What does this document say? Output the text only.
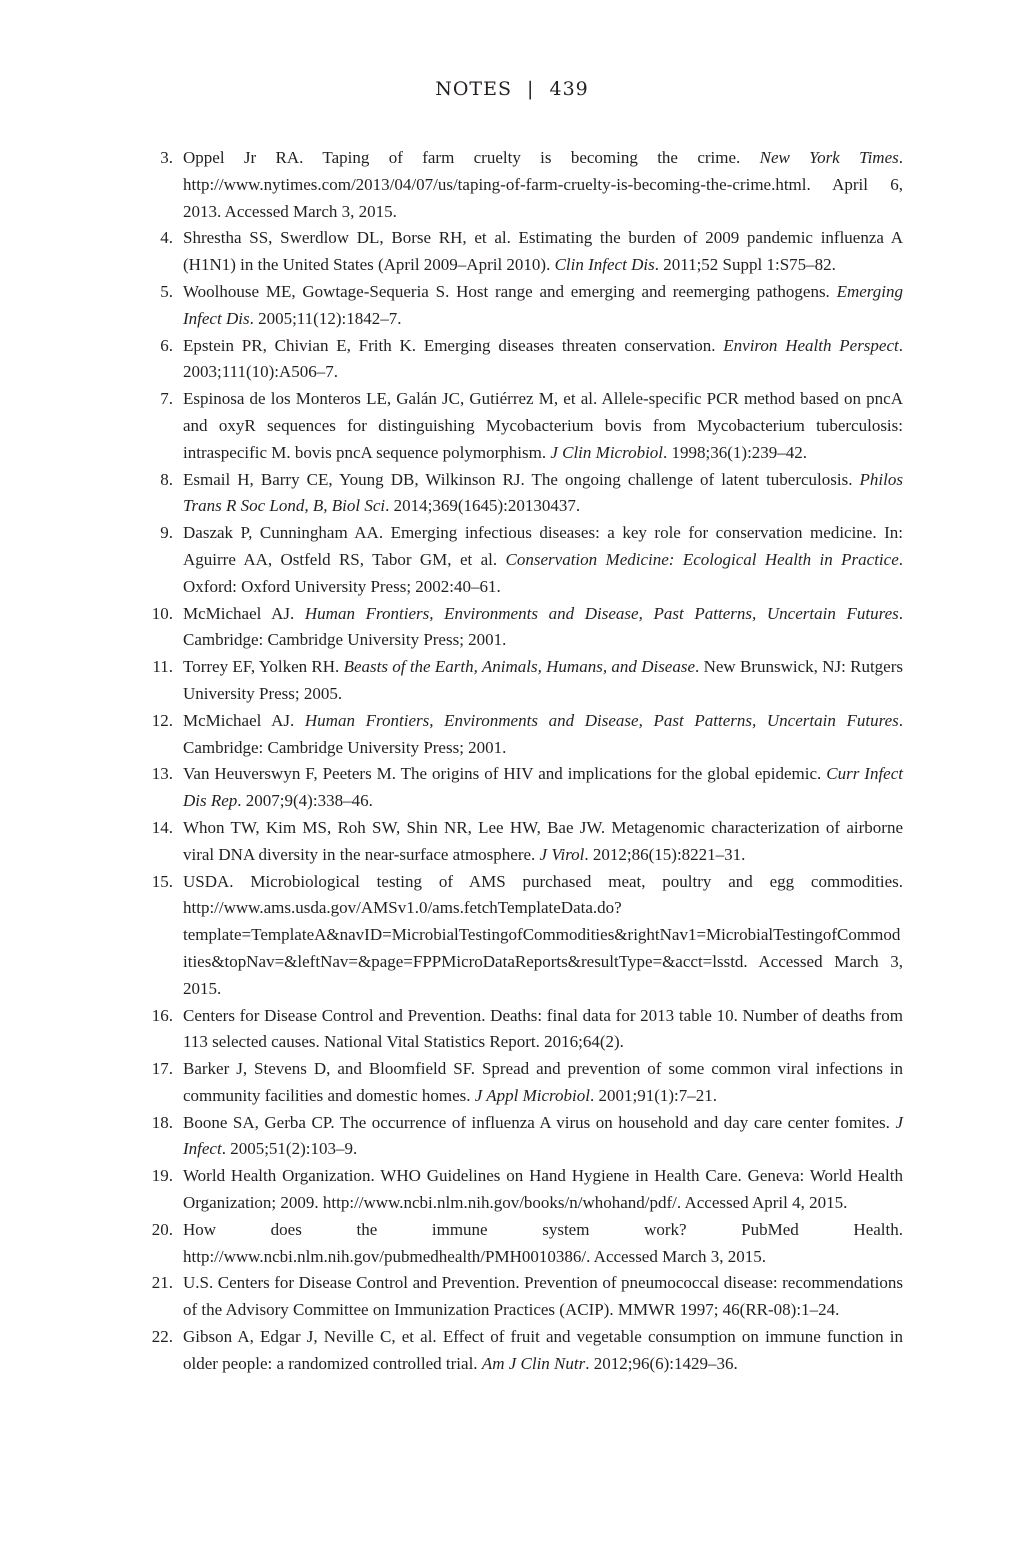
NOTES | 439
3. Oppel Jr RA. Taping of farm cruelty is becoming the crime. New York Times. http://www.nytimes.com/2013/04/07/us/taping-of-farm-cruelty-is-becoming-the-crime.html. April 6, 2013. Accessed March 3, 2015.
4. Shrestha SS, Swerdlow DL, Borse RH, et al. Estimating the burden of 2009 pandemic influenza A (H1N1) in the United States (April 2009–April 2010). Clin Infect Dis. 2011;52 Suppl 1:S75–82.
5. Woolhouse ME, Gowtage-Sequeria S. Host range and emerging and reemerging pathogens. Emerging Infect Dis. 2005;11(12):1842–7.
6. Epstein PR, Chivian E, Frith K. Emerging diseases threaten conservation. Environ Health Perspect. 2003;111(10):A506–7.
7. Espinosa de los Monteros LE, Galán JC, Gutiérrez M, et al. Allele-specific PCR method based on pncA and oxyR sequences for distinguishing Mycobacterium bovis from Mycobacterium tuberculosis: intraspecific M. bovis pncA sequence polymorphism. J Clin Microbiol. 1998;36(1):239–42.
8. Esmail H, Barry CE, Young DB, Wilkinson RJ. The ongoing challenge of latent tuberculosis. Philos Trans R Soc Lond, B, Biol Sci. 2014;369(1645):20130437.
9. Daszak P, Cunningham AA. Emerging infectious diseases: a key role for conservation medicine. In: Aguirre AA, Ostfeld RS, Tabor GM, et al. Conservation Medicine: Ecological Health in Practice. Oxford: Oxford University Press; 2002:40–61.
10. McMichael AJ. Human Frontiers, Environments and Disease, Past Patterns, Uncertain Futures. Cambridge: Cambridge University Press; 2001.
11. Torrey EF, Yolken RH. Beasts of the Earth, Animals, Humans, and Disease. New Brunswick, NJ: Rutgers University Press; 2005.
12. McMichael AJ. Human Frontiers, Environments and Disease, Past Patterns, Uncertain Futures. Cambridge: Cambridge University Press; 2001.
13. Van Heuverswyn F, Peeters M. The origins of HIV and implications for the global epidemic. Curr Infect Dis Rep. 2007;9(4):338–46.
14. Whon TW, Kim MS, Roh SW, Shin NR, Lee HW, Bae JW. Metagenomic characterization of airborne viral DNA diversity in the near-surface atmosphere. J Virol. 2012;86(15):8221–31.
15. USDA. Microbiological testing of AMS purchased meat, poultry and egg commodities. http://www.ams.usda.gov/AMSv1.0/ams.fetchTemplateData.do?template=TemplateA&navID=MicrobialTestingofCommodities&rightNav1=MicrobialTestingofCommodities&topNav=&leftNav=&page=FPPMicroDataReports&resultType=&acct=lsstd. Accessed March 3, 2015.
16. Centers for Disease Control and Prevention. Deaths: final data for 2013 table 10. Number of deaths from 113 selected causes. National Vital Statistics Report. 2016;64(2).
17. Barker J, Stevens D, and Bloomfield SF. Spread and prevention of some common viral infections in community facilities and domestic homes. J Appl Microbiol. 2001;91(1):7–21.
18. Boone SA, Gerba CP. The occurrence of influenza A virus on household and day care center fomites. J Infect. 2005;51(2):103–9.
19. World Health Organization. WHO Guidelines on Hand Hygiene in Health Care. Geneva: World Health Organization; 2009. http://www.ncbi.nlm.nih.gov/books/n/whohand/pdf/. Accessed April 4, 2015.
20. How does the immune system work? PubMed Health. http://www.ncbi.nlm.nih.gov/pubmedhealth/PMH0010386/. Accessed March 3, 2015.
21. U.S. Centers for Disease Control and Prevention. Prevention of pneumococcal disease: recommendations of the Advisory Committee on Immunization Practices (ACIP). MMWR 1997; 46(RR-08):1–24.
22. Gibson A, Edgar J, Neville C, et al. Effect of fruit and vegetable consumption on immune function in older people: a randomized controlled trial. Am J Clin Nutr. 2012;96(6):1429–36.
